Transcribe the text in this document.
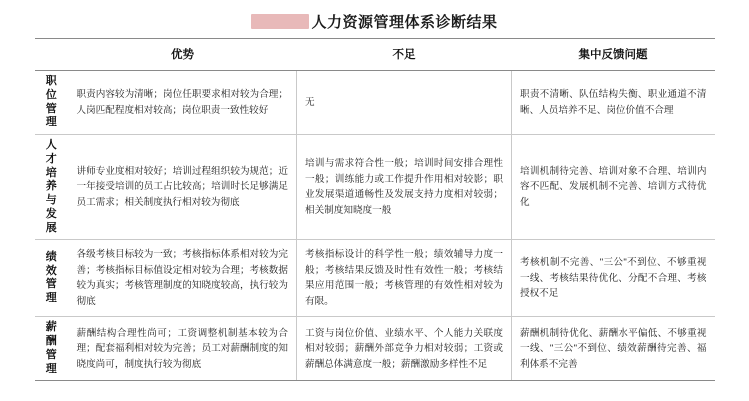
人力资源管理体系诊断结果
	优势	不足	集中反馈问题
职位管理	职责内容较为清晰；岗位任职要求相对较为合理；人岗匹配程度相对较高；岗位职责一致性较好	无	职责不清晰、队伍结构失衡、职业通道不清晰、人员培养不足、岗位价值不合理
人才培养与发展	讲师专业度相对较好；培训过程组织较为规范；近一年接受培训的员工占比较高；培训时长足够满足员工需求；相关制度执行相对较为彻底	培训与需求符合性一般；培训时间安排合理性一般；训练能力或工作提升作用相对较影；职业发展渠道通畅性及发展支持力度相对较弱；相关制度知晓度一般	培训机制待完善、培训对象不合理、培训内容不匹配、发展机制不完善、培训方式待优化
绩效管理	各级考核目标较为一致；考核指标体系相对较为完善；考核指标目标值设定相对较为合理；考核数据较为真实；考核管理制度的知晓度较高，执行较为彻底	考核指标设计的科学性一般；绩效辅导力度一般；考核结果反馈及时性有效性一般；考核结果应用范围一般；考核管理的有效性相对较为有限。	考核机制不完善、"三公"不到位、不够重视一线、考核结果待优化、分配不合理、考核授权不足
薪酬管理	薪酬结构合理性尚可；工资调整机制基本较为合理；配套福利相对较为完善；员工对薪酬制度的知晓度尚可，制度执行较为彻底	工资与岗位价值、业绩水平、个人能力关联度相对较弱；薪酬外部竞争力相对较弱；工资或薪酬总体满意度一般；薪酬激励多样性不足	薪酬机制待优化、薪酬水平偏低、不够重视一线、"三公"不到位、绩效薪酬待完善、福利体系不完善
